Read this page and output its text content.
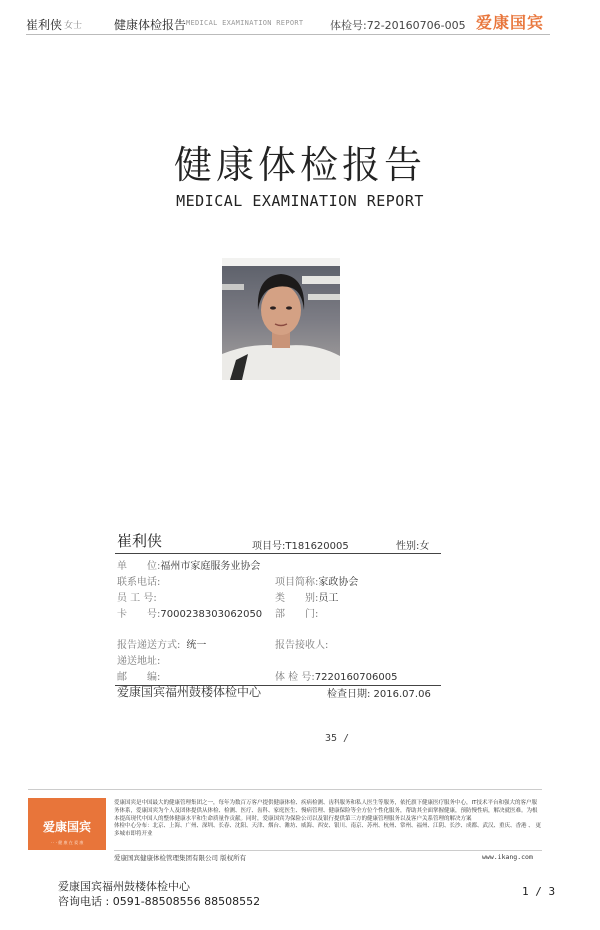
崔利侠 女士	健康体检报告 MEDICAL EXAMINATION REPORT 体检号:72-20160706-005 爱康国宾
健康体检报告
MEDICAL EXAMINATION REPORT
崔利侠	项目号:T181620005	性别:女
单　　位:福州市家庭服务业协会
联系电话:	项目简称:家政协会
员 工 号:	类　　别:员工
卡　　号:7000238303062050 部　　门:
报告递送方式: 统一	报告接收人:
递送地址:
邮　　编:	体 检 号:7220160706005
爱康国宾福州鼓楼体检中心	检查日期: 2016.07.06
35 /
爱康国宾
· · · 健 康 在 爱 康
爱康国宾是中国最大的健康管理集团之一，每年为数百万客户提供健康体检、疾病检测、齿科服务和私人医生等服务，依托旗下健康医疗服务中心，IT技术平台和强大的客户服务体系，爱康国宾为个人及团体提供从体检、检测、医疗、齿科、家庭医生、慢病管理、健康保险等全方位个性化服务，帮助其全面掌握健康，预防慢性病，解决就医难。为根本提高现代中国人的整体健康水平和生命质量作贡献。同时，爱康国宾为保险公司以及银行提供第三方的健康管理服务以及客户关系管理的解决方案
体检中心分布：北京、上海、广州、深圳、长春、沈阳、天津、烟台、潍坊、威海、西安、银川、南京、苏州、杭州、常州、福州、江阴、长沙、成都、武汉、重庆、香港 、 更多城市即将开业
爱康国宾健康体检管理集团有限公司 版权所有	www.ikang.com
爱康国宾福州鼓楼体检中心
咨询电话 : 0591-88508556 88508552
1 / 3
